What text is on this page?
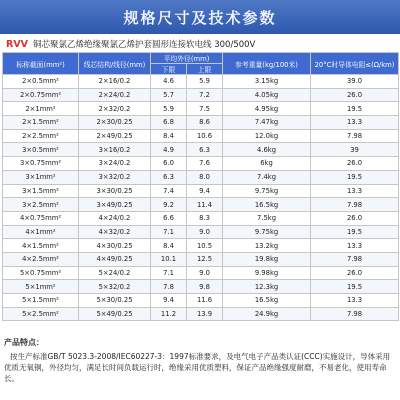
规格尺寸及技术参数
RVV 铜芯聚氯乙烯绝缘聚氯乙烯护套圆形连接软电线 300/500V
标称截面(mm²)	线芯结构/线径(mm)	平均外径(mm)		参考重量(kg/100米)	20°C时导体电阻≤(Ω/km)
		下限	上限		
2×0.5mm²	2×16/0.2	4.6	5.9	3.15kg	39.0
2×0.75mm²	2×24/0.2	5.7	7.2	4.05kg	26.0
2×1mm²	2×32/0.2	5.9	7.5	4.95kg	19.5
2×1.5mm²	2×30/0.25	6.8	8.6	7.47kg	13.3
2×2.5mm²	2×49/0.25	8.4	10.6	12.0kg	7.98
3×0.5mm²	3×16/0.2	4.9	6.3	4.6kg	39
3×0.75mm²	3×24/0.2	6.0	7.6	6kg	26.0
3×1mm²	3×32/0.2	6.3	8.0	7.4kg	19.5
3×1.5mm²	3×30/0.25	7.4	9.4	9.75kg	13.3
3×2.5mm²	3×49/0.25	9.2	11.4	16.5kg	7.98
4×0.75mm²	4×24/0.2	6.6	8.3	7.5kg	26.0
4×1mm²	4×32/0.2	7.1	9.0	9.75kg	19.5
4×1.5mm²	4×30/0.25	8.4	10.5	13.2kg	13.3
4×2.5mm²	4×49/0.25	10.1	12.5	19.8kg	7.98
5×0.75mm²	5×24/0.2	7.1	9.0	9.98kg	26.0
5×1mm²	5×32/0.2	7.8	9.8	12.3kg	19.5
5×1.5mm²	5×30/0.25	9.4	11.6	16.5kg	13.3
5×2.5mm²	5×49/0.25	11.2	13.9	24.9kg	7.98
产品特点：
按生产标准GB/T 5023.3-2008/IEC60227-3：1997标准要求，及电气电子产品类认证(CCC)实施设计，导体采用优质无氧铜，外径均匀，满足长时间负载运行时，绝缘采用优质塑料，保证产品绝缘强度耐磨，不易老化，使用寿命长。
